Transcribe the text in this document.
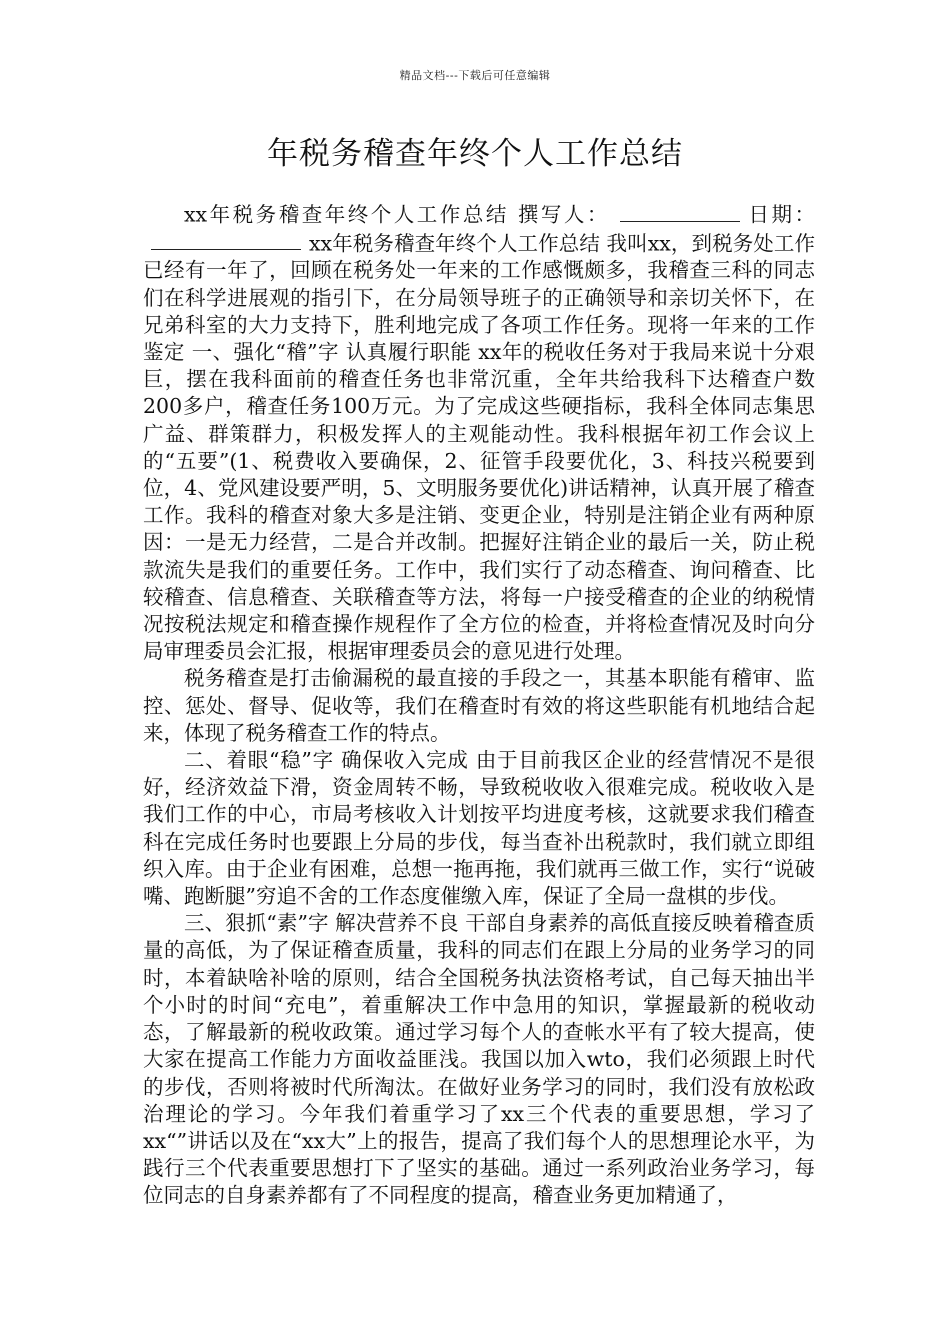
精品文档---下载后可任意编辑
年税务稽查年终个人工作总结

xx年税务稽查年终个人工作总结 撰写人：	日期：xx年税务稽查年终个人工作总结 我叫xx，到税务处工作已经有一年了，回顾在税务处一年来的工作感慨颇多，我稽查三科的同志们在科学进展观的指引下，在分局领导班子的正确领导和亲切关怀下，在兄弟科室的大力支持下，胜利地完成了各项工作任务。现将一年来的工作鉴定 一、强化“稽”字 认真履行职能 xx年的税收任务对于我局来说十分艰巨，摆在我科面前的稽查任务也非常沉重，全年共给我科下达稽查户数200多户，稽查任务100万元。为了完成这些硬指标，我科全体同志集思广益、群策群力，积极发挥人的主观能动性。我科根据年初工作会议上的“五要”(1、税费收入要确保，2、征管手段要优化，3、科技兴税要到位，4、党风建设要严明，5、文明服务要优化)讲话精神，认真开展了稽查工作。我科的稽查对象大多是注销、变更企业，特别是注销企业有两种原因：一是无力经营，二是合并改制。把握好注销企业的最后一关，防止税款流失是我们的重要任务。工作中，我们实行了动态稽查、询问稽查、比较稽查、信息稽查、关联稽查等方法，将每一户接受稽查的企业的纳税情况按税法规定和稽查操作规程作了全方位的检查，并将检查情况及时向分局审理委员会汇报，根据审理委员会的意见进行处理。

税务稽查是打击偷漏税的最直接的手段之一，其基本职能有稽审、监控、惩处、督导、促收等，我们在稽查时有效的将这些职能有机地结合起来，体现了税务稽查工作的特点。

二、着眼“稳”字 确保收入完成 由于目前我区企业的经营情况不是很好，经济效益下滑，资金周转不畅，导致税收收入很难完成。税收收入是我们工作的中心，市局考核收入计划按平均进度考核，这就要求我们稽查科在完成任务时也要跟上分局的步伐，每当查补出税款时，我们就立即组织入库。由于企业有困难，总想一拖再拖，我们就再三做工作，实行“说破嘴、跑断腿”穷追不舍的工作态度催缴入库，保证了全局一盘棋的步伐。

三、狠抓“素”字 解决营养不良 干部自身素养的高低直接反映着稽查质量的高低，为了保证稽查质量，我科的同志们在跟上分局的业务学习的同时，本着缺啥补啥的原则，结合全国税务执法资格考试，自己每天抽出半个小时的时间“充电”，着重解决工作中急用的知识，掌握最新的税收动态，了解最新的税收政策。通过学习每个人的查帐水平有了较大提高，使大家在提高工作能力方面收益匪浅。我国以加入wto，我们必须跟上时代的步伐，否则将被时代所淘汰。在做好业务学习的同时，我们没有放松政治理论的学习。今年我们着重学习了xx三个代表的重要思想，学习了xx“”讲话以及在“xx大”上的报告，提高了我们每个人的思想理论水平，为践行三个代表重要思想打下了坚实的基础。通过一系列政治业务学习，每位同志的自身素养都有了不同程度的提高，稽查业务更加精通了，
